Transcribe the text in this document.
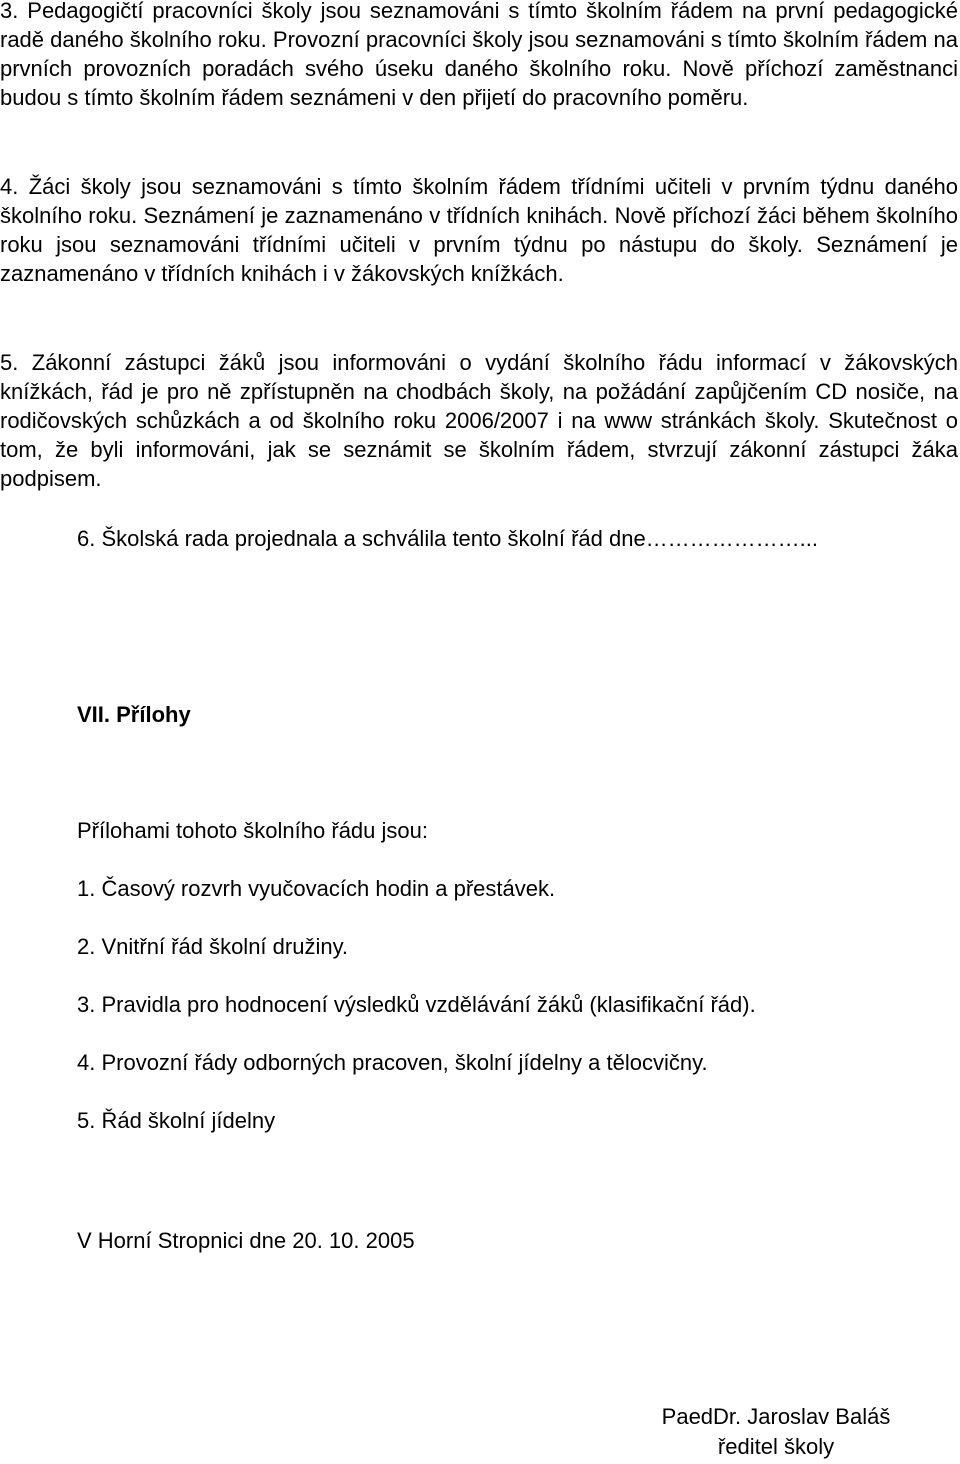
3. Pedagogičtí pracovníci školy jsou seznamováni s tímto školním řádem na první pedagogické radě daného školního roku. Provozní pracovníci školy jsou seznamováni s tímto školním řádem na prvních provozních poradách svého úseku daného školního roku. Nově příchozí zaměstnanci budou s tímto školním řádem seznámeni v den přijetí do pracovního poměru.

4. Žáci školy jsou seznamováni s tímto školním řádem třídními učiteli v prvním týdnu daného školního roku. Seznámení je zaznamenáno v třídních knihách. Nově příchozí žáci během školního roku jsou seznamováni třídními učiteli v prvním týdnu po nástupu do školy. Seznámení je zaznamenáno v třídních knihách i v žákovských knížkách.

5. Zákonní zástupci žáků jsou informováni o vydání školního řádu informací v žákovských knížkách, řád je pro ně zpřístupněn na chodbách školy, na požádání zapůjčením CD nosiče, na rodičovských schůzkách a od školního roku 2006/2007 i na www stránkách školy. Skutečnost o tom, že byli informováni, jak se seznámit se školním řádem, stvrzují zákonní zástupci žáka podpisem.

6. Školská rada projednala a schválila tento školní řád dne…………………...

VII. Přílohy

Přílohami tohoto školního řádu jsou:

1. Časový rozvrh vyučovacích hodin a přestávek.

2. Vnitřní řád školní družiny.

3. Pravidla pro hodnocení výsledků vzdělávání žáků (klasifikační řád).

4. Provozní řády odborných pracoven, školní jídelny a tělocvičny.

5. Řád školní jídelny

V Horní Stropnici dne 20. 10. 2005

PaedDr. Jaroslav Baláš
ředitel školy
